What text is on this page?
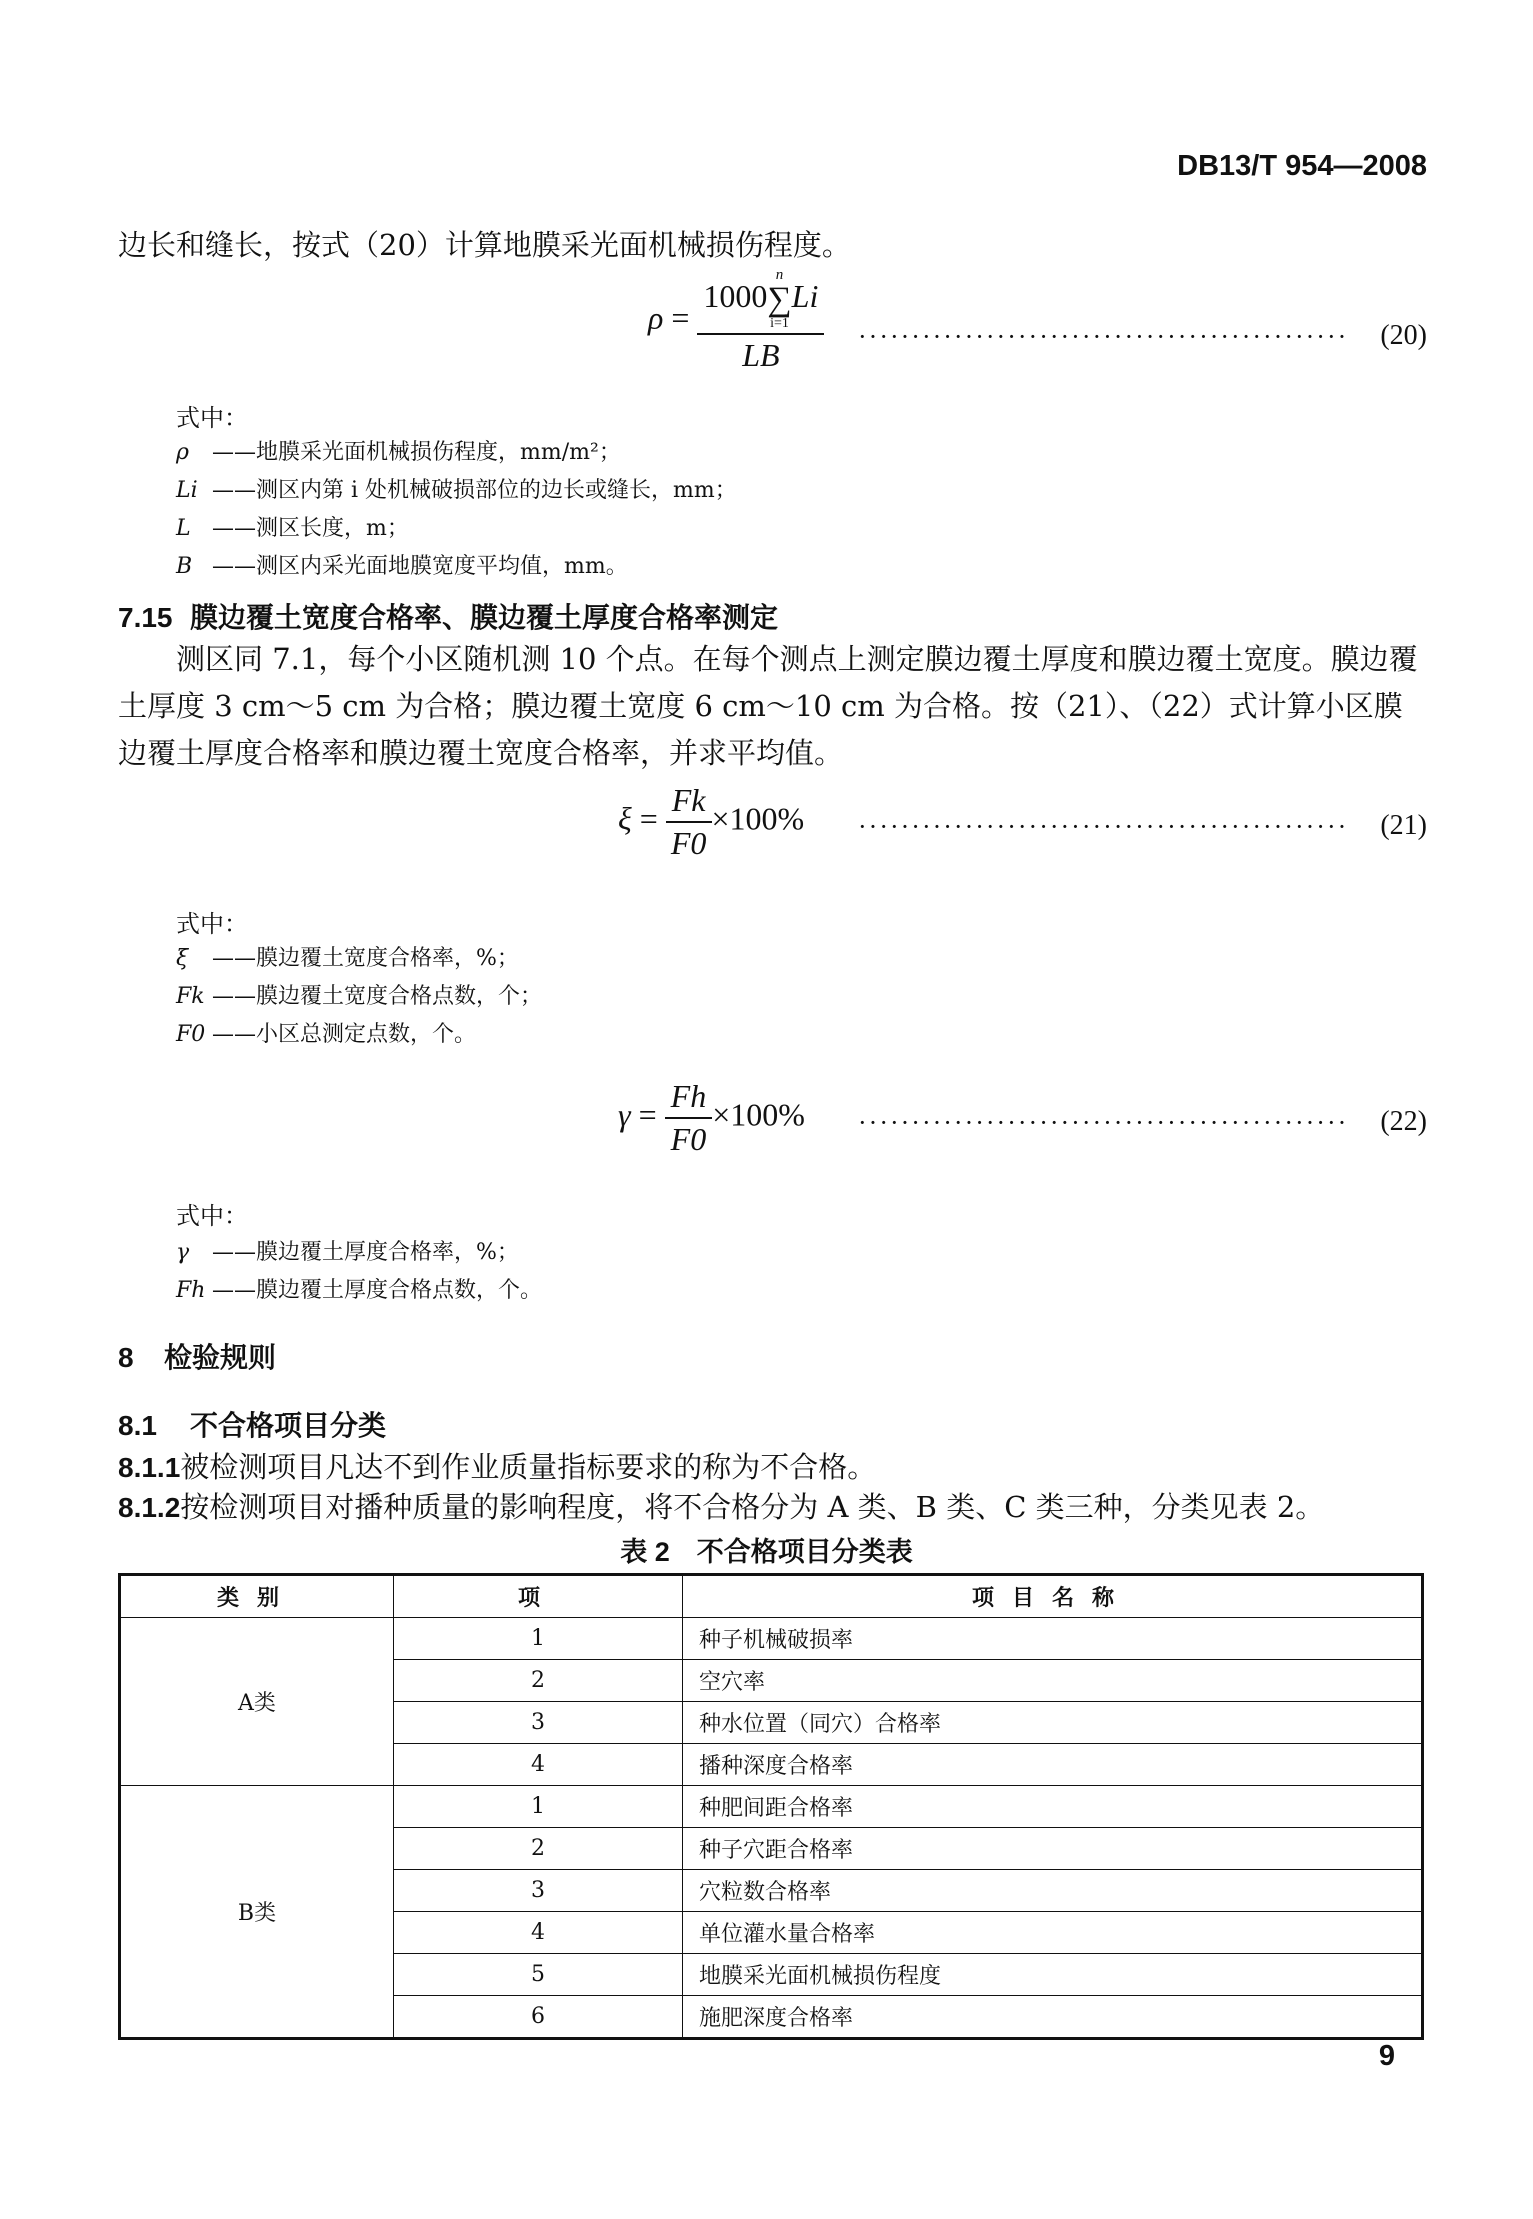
DB13/T 954—2008
边长和缝长，按式（20）计算地膜采光面机械损伤程度。
ρ = 1000
n
∑
i=1
Li
LB ·············································· (20)
式中：
ρ ——地膜采光面机械损伤程度，mm/m²；
Li ——测区内第 i 处机械破损部位的边长或缝长，mm；
L ——测区长度，m；
B ——测区内采光面地膜宽度平均值，mm。
7.15 膜边覆土宽度合格率、膜边覆土厚度合格率测定
测区同 7.1，每个小区随机测 10 个点。在每个测点上测定膜边覆土厚度和膜边覆土宽度。膜边覆土厚度 3 cm～5 cm 为合格；膜边覆土宽度 6 cm～10 cm 为合格。按（21）、（22）式计算小区膜边覆土厚度合格率和膜边覆土宽度合格率，并求平均值。
$\xi = \frac{Fk}{F0} \times 100\%$ ·············································· (21)
式中：
ξ ——膜边覆土宽度合格率，%；
Fk ——膜边覆土宽度合格点数，个；
F0 ——小区总测定点数，个。
$\gamma = \frac{Fh}{F0} \times 100\%$ ·············································· (22)
式中：
γ ——膜边覆土厚度合格率，%；
Fh ——膜边覆土厚度合格点数，个。
8 检验规则
8.1 不合格项目分类
8.1.1被检测项目凡达不到作业质量指标要求的称为不合格。
8.1.2按检测项目对播种质量的影响程度，将不合格分为 A 类、B 类、C 类三种，分类见表 2。
表 2　不合格项目分类表
类别	项	项目名称
A类	1	种子机械破损率
	2	空穴率
	3	种水位置（同穴）合格率
	4	播种深度合格率
B类	1	种肥间距合格率
	2	种子穴距合格率
	3	穴粒数合格率
	4	单位灌水量合格率
	5	地膜采光面机械损伤程度
	6	施肥深度合格率
9
